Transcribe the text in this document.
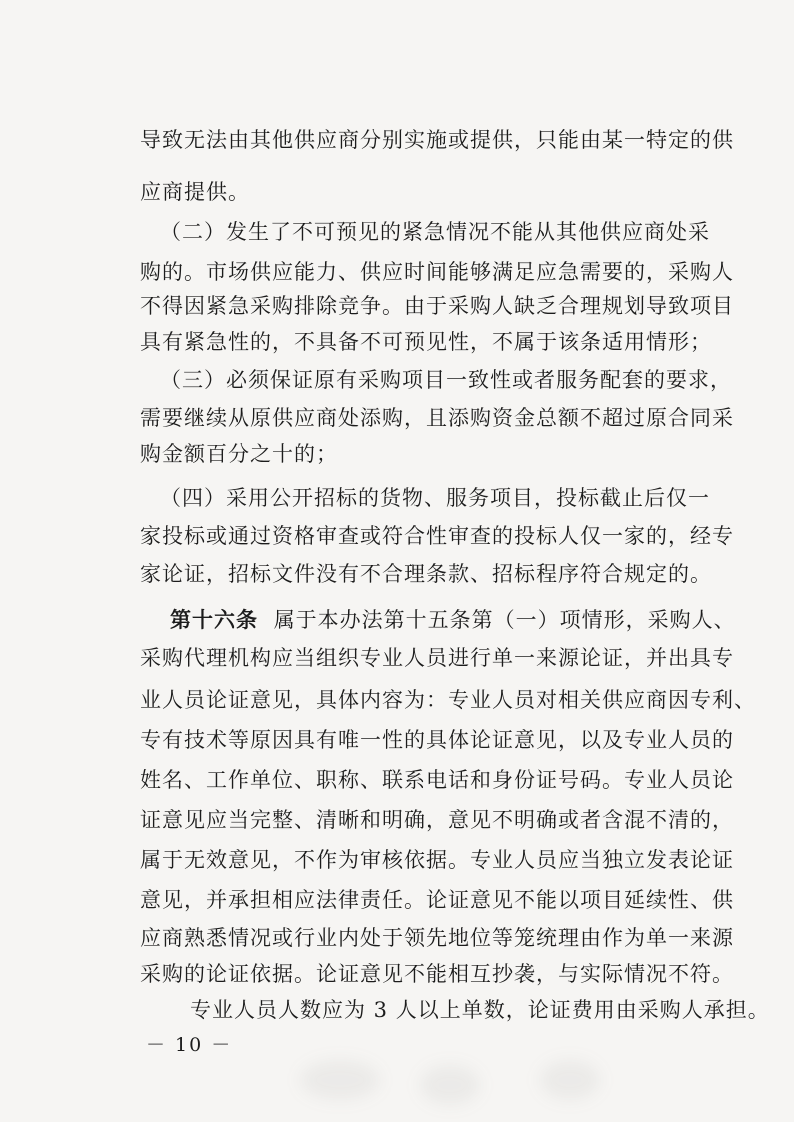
导致无法由其他供应商分别实施或提供，只能由某一特定的供
应商提供。
（二）发生了不可预见的紧急情况不能从其他供应商处采
购的。市场供应能力、供应时间能够满足应急需要的，采购人
不得因紧急采购排除竞争。由于采购人缺乏合理规划导致项目
具有紧急性的，不具备不可预见性，不属于该条适用情形；
（三）必须保证原有采购项目一致性或者服务配套的要求，
需要继续从原供应商处添购，且添购资金总额不超过原合同采
购金额百分之十的；
（四）采用公开招标的货物、服务项目，投标截止后仅一
家投标或通过资格审查或符合性审查的投标人仅一家的，经专
家论证，招标文件没有不合理条款、招标程序符合规定的。
第十六条 属于本办法第十五条第（一）项情形，采购人、
采购代理机构应当组织专业人员进行单一来源论证，并出具专
业人员论证意见，具体内容为：专业人员对相关供应商因专利、
专有技术等原因具有唯一性的具体论证意见，以及专业人员的
姓名、工作单位、职称、联系电话和身份证号码。专业人员论
证意见应当完整、清晰和明确，意见不明确或者含混不清的，
属于无效意见，不作为审核依据。专业人员应当独立发表论证
意见，并承担相应法律责任。论证意见不能以项目延续性、供
应商熟悉情况或行业内处于领先地位等笼统理由作为单一来源
采购的论证依据。论证意见不能相互抄袭，与实际情况不符。
专业人员人数应为 3 人以上单数，论证费用由采购人承担。
－ 10 －
